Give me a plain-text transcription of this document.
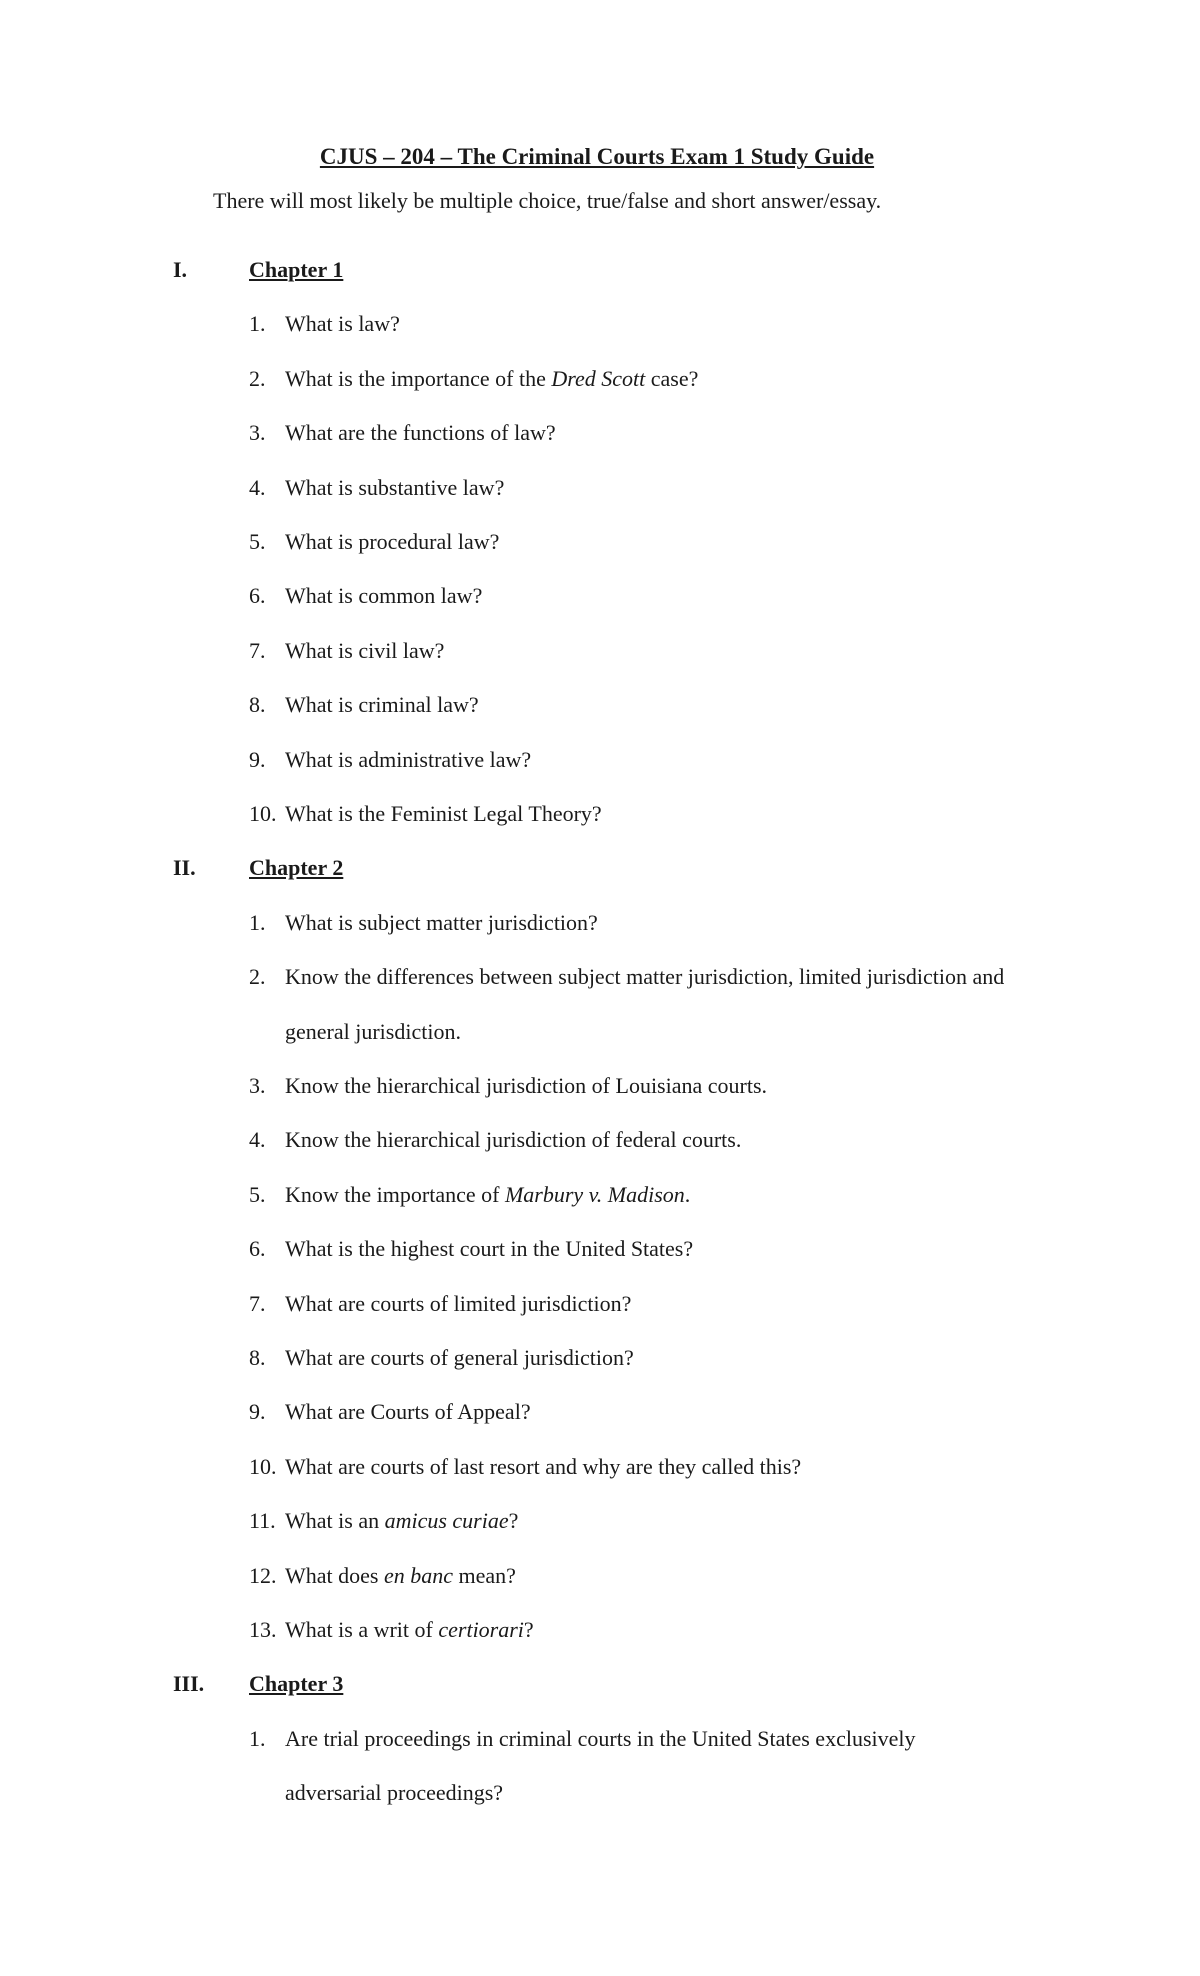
CJUS – 204 – The Criminal Courts Exam 1 Study Guide
There will most likely be multiple choice, true/false and short answer/essay.
I.	Chapter 1
1. What is law?
2. What is the importance of the Dred Scott case?
3. What are the functions of law?
4. What is substantive law?
5. What is procedural law?
6. What is common law?
7. What is civil law?
8. What is criminal law?
9. What is administrative law?
10. What is the Feminist Legal Theory?
II. Chapter 2
1. What is subject matter jurisdiction?
2. Know the differences between subject matter jurisdiction, limited jurisdiction and
general jurisdiction.
3. Know the hierarchical jurisdiction of Louisiana courts.
4. Know the hierarchical jurisdiction of federal courts.
5. Know the importance of Marbury v. Madison.
6. What is the highest court in the United States?
7. What are courts of limited jurisdiction?
8. What are courts of general jurisdiction?
9. What are Courts of Appeal?
10. What are courts of last resort and why are they called this?
11. What is an amicus curiae?
12. What does en banc mean?
13. What is a writ of certiorari?
III. Chapter 3
1. Are trial proceedings in criminal courts in the United States exclusively
adversarial proceedings?
